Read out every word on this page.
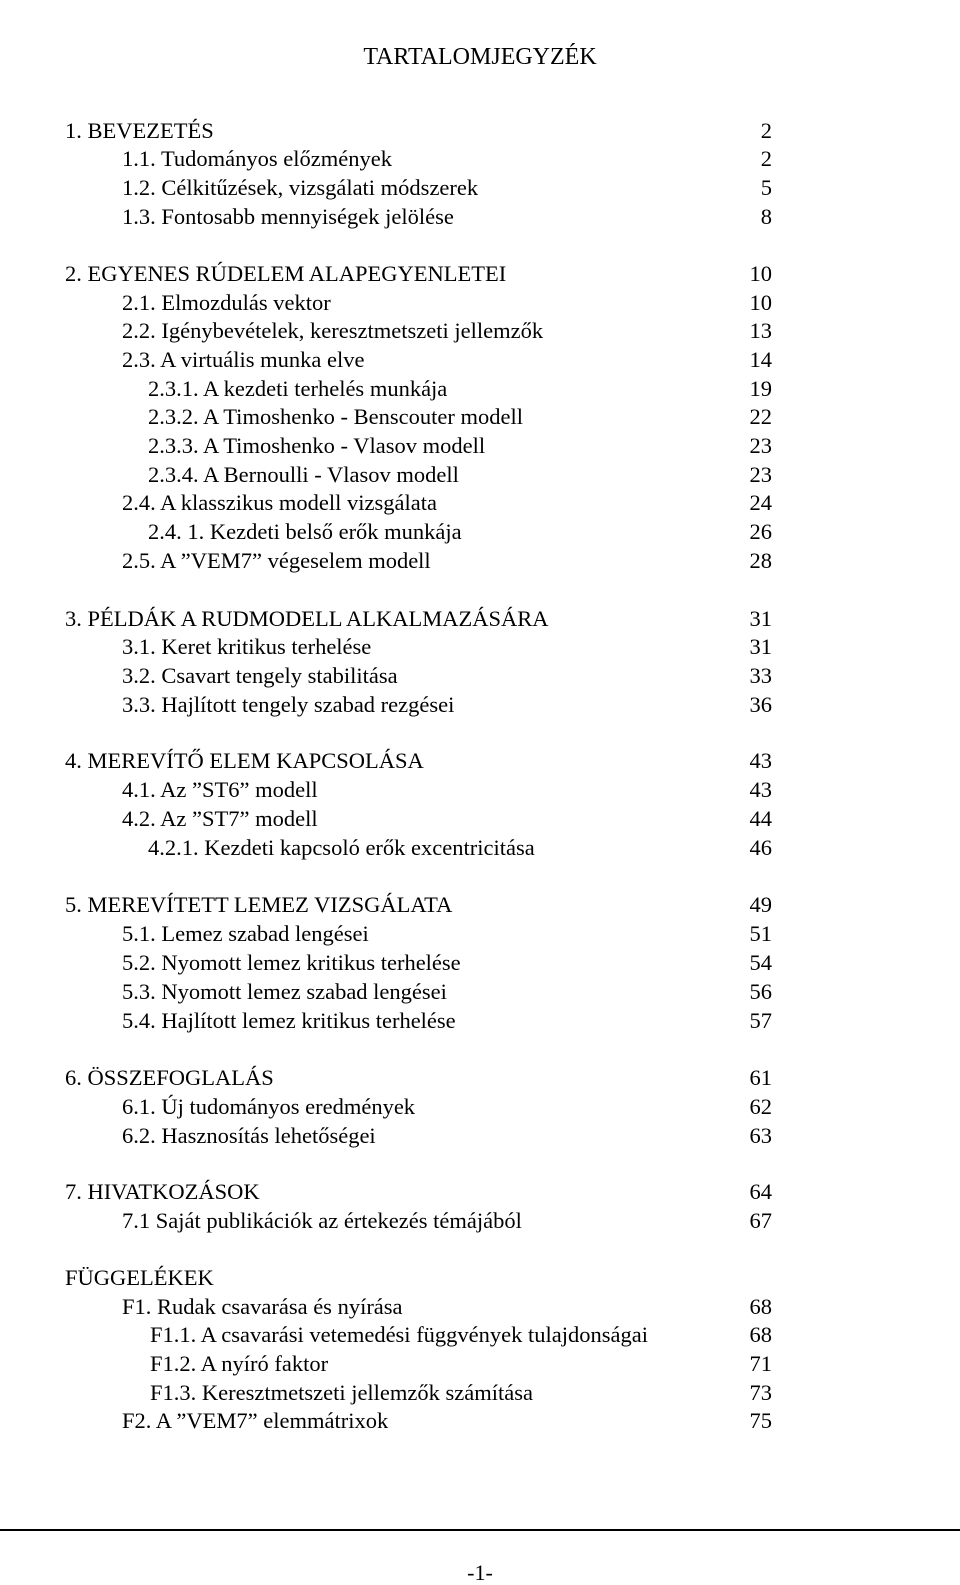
TARTALOMJEGYZÉK
1. BEVEZETÉS	2
1.1. Tudományos előzmények	2
1.2. Célkitűzések, vizsgálati módszerek	5
1.3. Fontosabb mennyiségek jelölése	8
2. EGYENES RÚDELEM ALAPEGYENLETEI	10
2.1. Elmozdulás vektor	10
2.2. Igénybevételek, keresztmetszeti jellemzők	13
2.3. A virtuális munka elve	14
2.3.1. A kezdeti terhelés munkája	19
2.3.2. A Timoshenko - Benscouter modell	22
2.3.3. A Timoshenko - Vlasov modell	23
2.3.4. A Bernoulli - Vlasov modell	23
2.4. A klasszikus modell vizsgálata	24
2.4. 1. Kezdeti belső erők munkája	26
2.5. A ”VEM7” végeselem modell	28
3. PÉLDÁK A RUDMODELL ALKALMAZÁSÁRA	31
3.1. Keret kritikus terhelése	31
3.2. Csavart tengely stabilitása	33
3.3. Hajlított tengely szabad rezgései	36
4. MEREVÍTŐ ELEM KAPCSOLÁSA	43
4.1. Az ”ST6” modell	43
4.2. Az ”ST7” modell	44
4.2.1. Kezdeti kapcsoló erők excentricitása	46
5. MEREVÍTETT LEMEZ VIZSGÁLATA	49
5.1. Lemez szabad lengései	51
5.2. Nyomott lemez kritikus terhelése	54
5.3. Nyomott lemez szabad lengései	56
5.4. Hajlított lemez kritikus terhelése	57
6. ÖSSZEFOGLALÁS	61
6.1. Új tudományos eredmények	62
6.2. Hasznosítás lehetőségei	63
7. HIVATKOZÁSOK	64
7.1 Saját publikációk az értekezés témájából	67
FÜGGELÉKEK
F1. Rudak csavarása és nyírása	68
F1.1. A csavarási vetemedési függvények tulajdonságai	68
F1.2. A nyíró faktor	71
F1.3. Keresztmetszeti jellemzők számítása	73
F2. A ”VEM7” elemmátrixok	75
-1-
